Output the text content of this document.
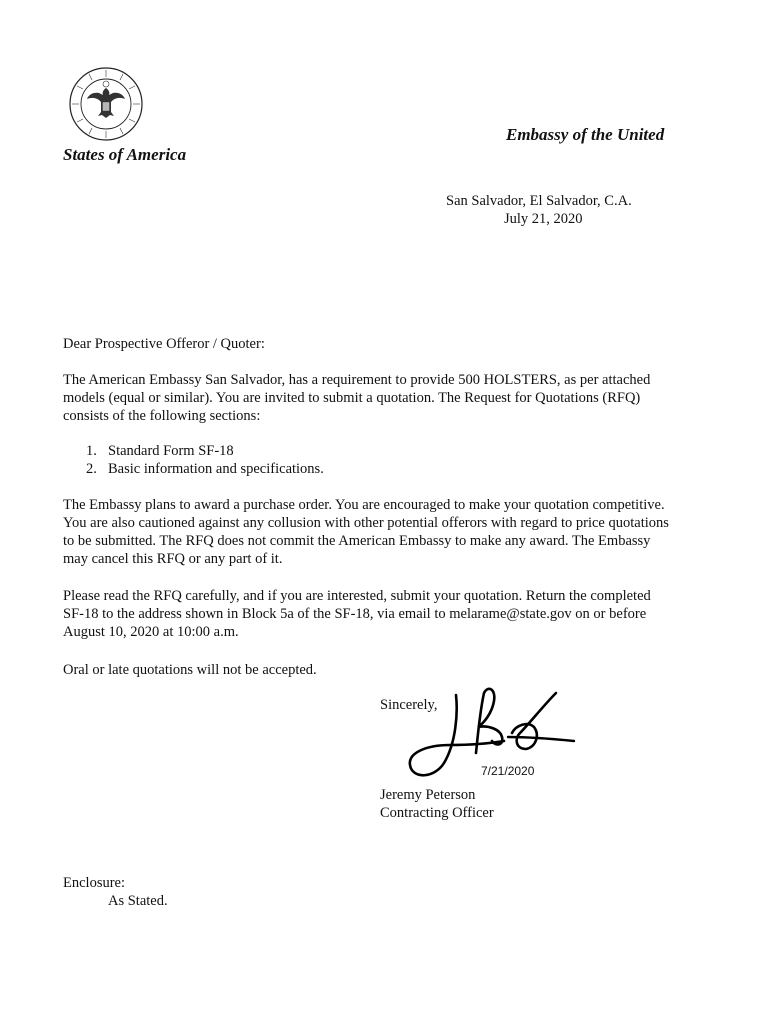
Embassy of the United
States of America
San Salvador, El Salvador, C.A.
July 21, 2020
Dear Prospective Offeror / Quoter:
The American Embassy San Salvador, has a requirement to provide 500 HOLSTERS, as per attached
models (equal or similar). You are invited to submit a quotation. The Request for Quotations (RFQ)
consists of the following sections:
1. Standard Form SF-18
2. Basic information and specifications.
The Embassy plans to award a purchase order. You are encouraged to make your quotation competitive.
You are also cautioned against any collusion with other potential offerors with regard to price quotations
to be submitted. The RFQ does not commit the American Embassy to make any award. The Embassy
may cancel this RFQ or any part of it.
Please read the RFQ carefully, and if you are interested, submit your quotation. Return the completed
SF-18 to the address shown in Block 5a of the SF-18, via email to melarame@state.gov on or before
August 10, 2020 at 10:00 a.m.
Oral or late quotations will not be accepted.
Sincerely,
7/21/2020
Jeremy Peterson
Contracting Officer
Enclosure:
As Stated.
